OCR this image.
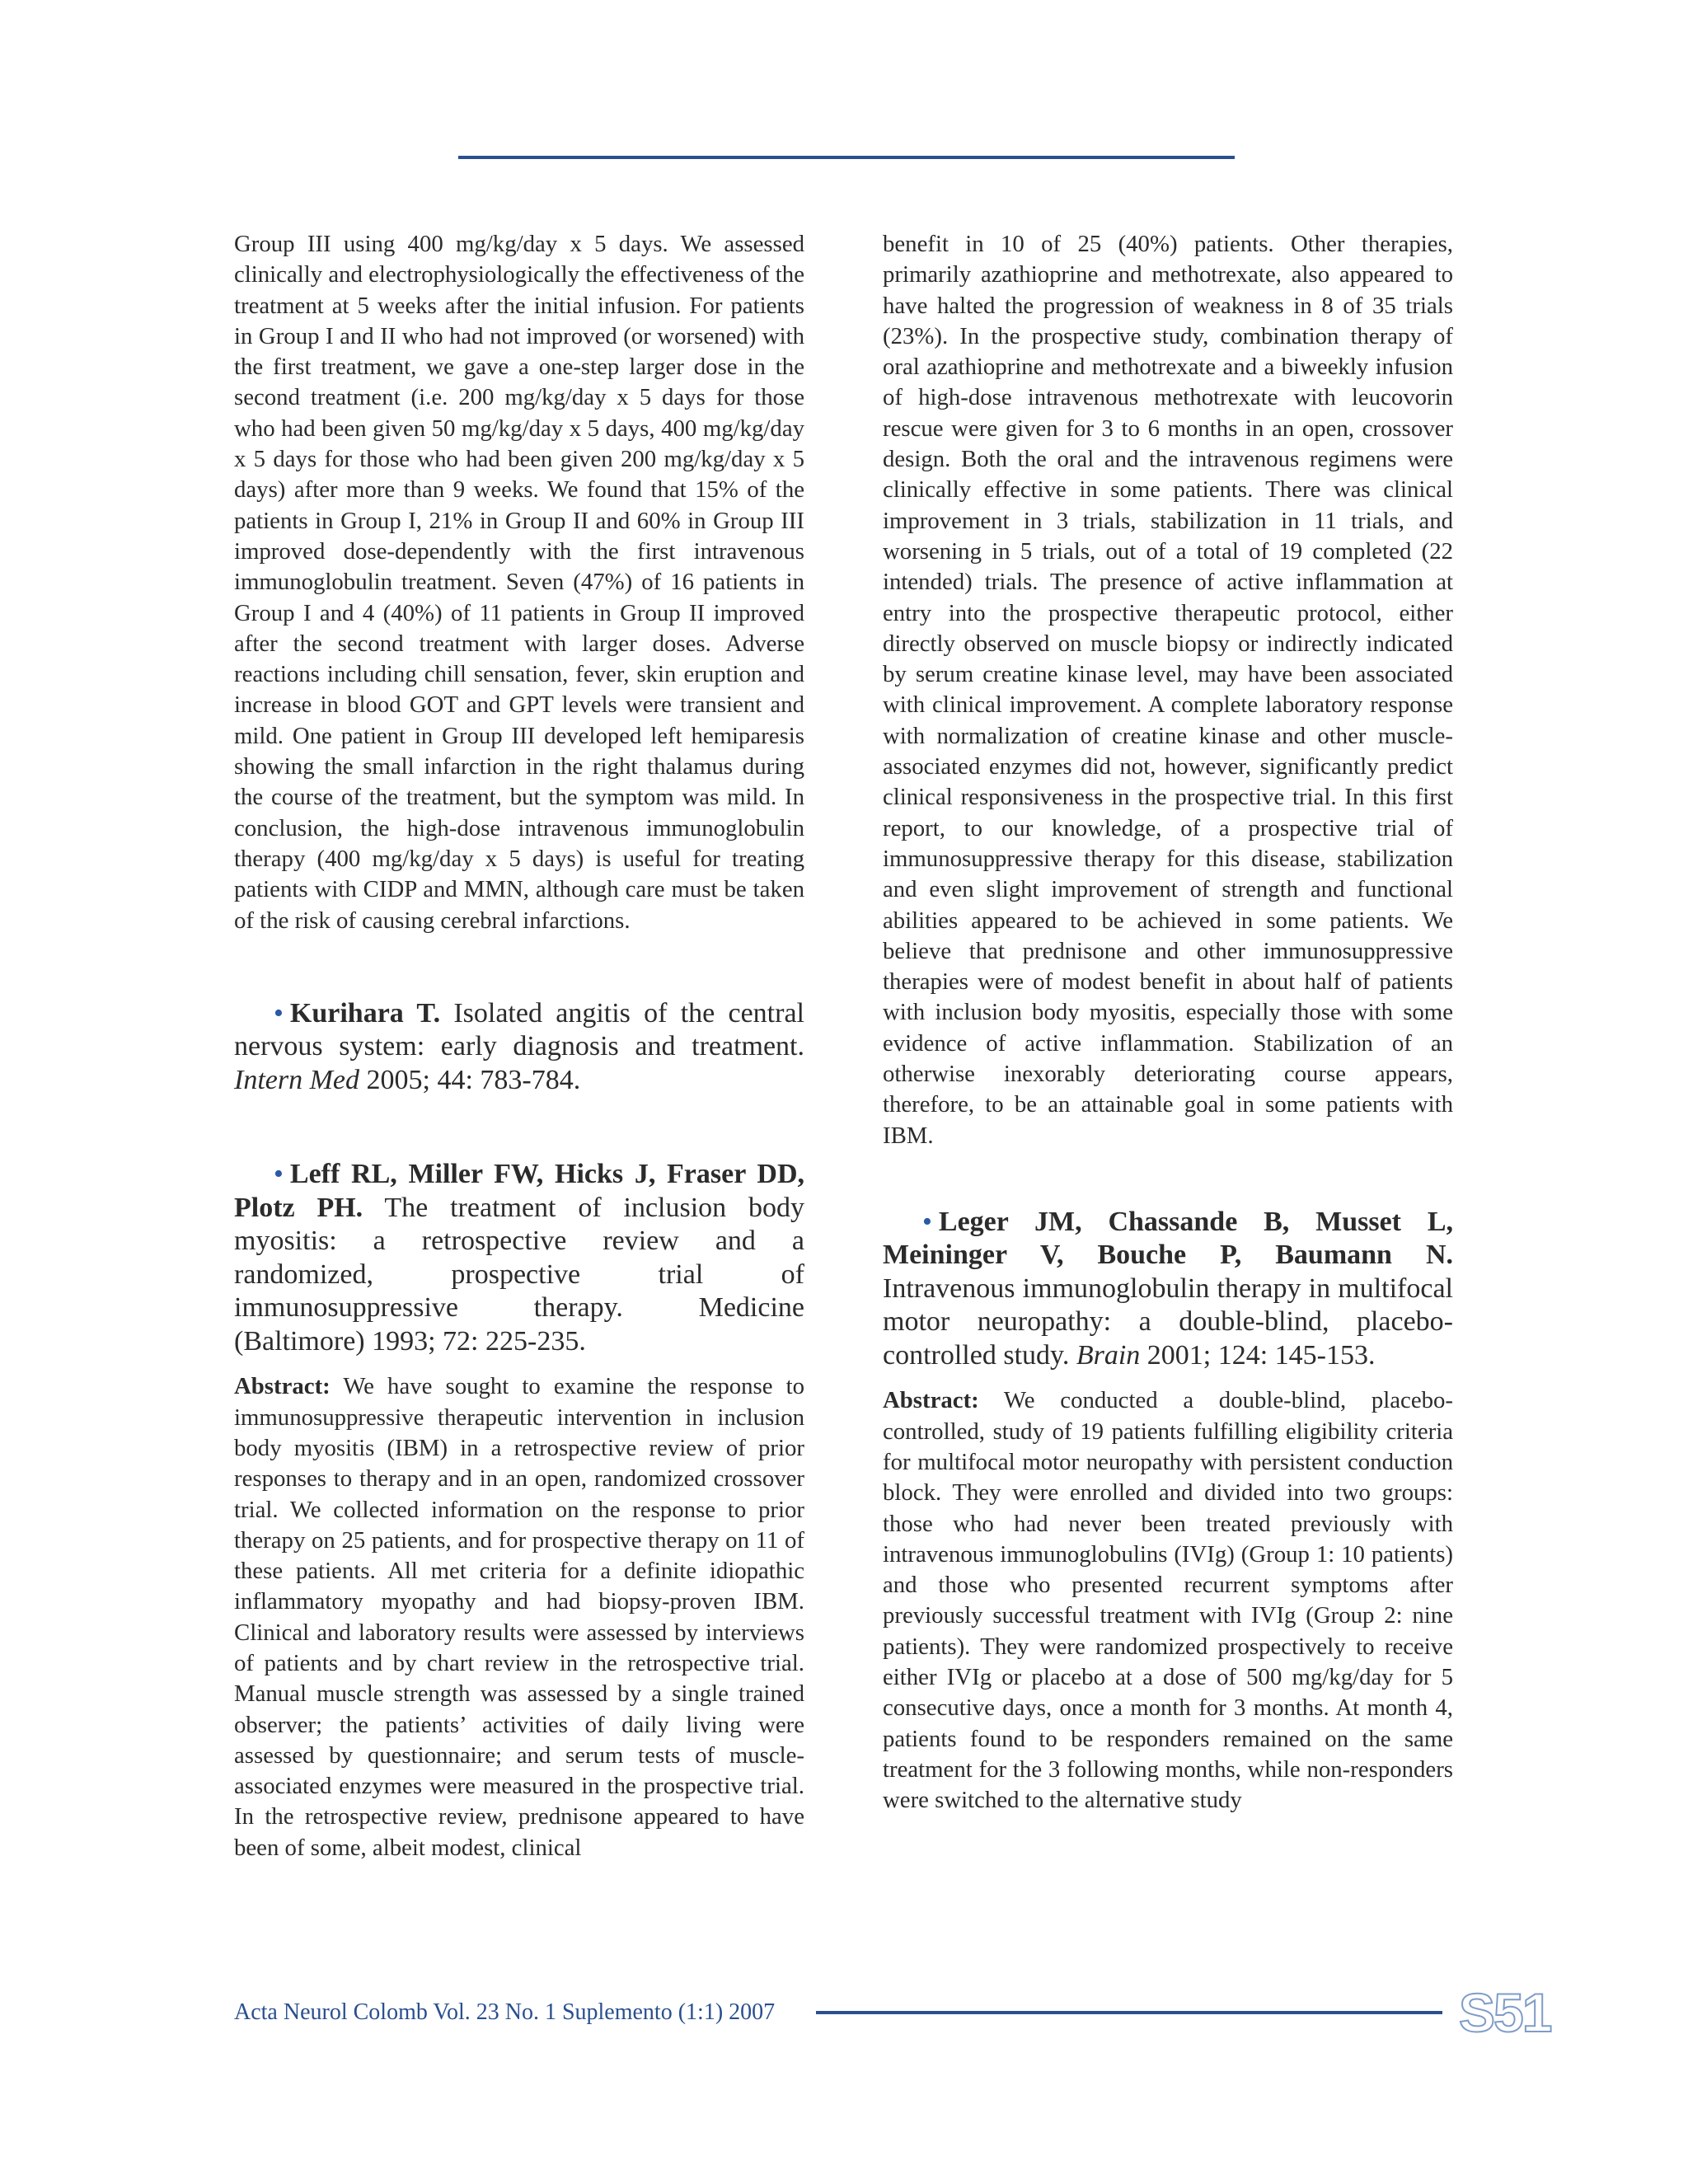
Group III using 400 mg/kg/day x 5 days. We assessed clinically and electrophysiologically the effectiveness of the treatment at 5 weeks after the initial infusion. For patients in Group I and II who had not improved (or worsened) with the first treatment, we gave a one-step larger dose in the second treatment (i.e. 200 mg/kg/day x 5 days for those who had been given 50 mg/kg/day x 5 days, 400 mg/kg/day x 5 days for those who had been given 200 mg/kg/day x 5 days) after more than 9 weeks. We found that 15% of the patients in Group I, 21% in Group II and 60% in Group III improved dose-dependently with the first intravenous immunoglobulin treatment. Seven (47%) of 16 patients in Group I and 4 (40%) of 11 patients in Group II improved after the second treatment with larger doses. Adverse reactions including chill sensation, fever, skin eruption and increase in blood GOT and GPT levels were transient and mild. One patient in Group III developed left hemiparesis showing the small infarction in the right thalamus during the course of the treatment, but the symptom was mild. In conclusion, the high-dose intravenous immunoglobulin therapy (400 mg/kg/day x 5 days) is useful for treating patients with CIDP and MMN, although care must be taken of the risk of causing cerebral infarctions.

• Kurihara T. Isolated angitis of the central nervous system: early diagnosis and treatment. Intern Med 2005; 44: 783-784.

• Leff RL, Miller FW, Hicks J, Fraser DD, Plotz PH. The treatment of inclusion body myositis: a retrospective review and a randomized, prospective trial of immunosuppressive therapy. Medicine (Baltimore) 1993; 72: 225-235.

Abstract: We have sought to examine the response to immunosuppressive therapeutic intervention in inclusion body myositis (IBM) in a retrospective review of prior responses to therapy and in an open, randomized crossover trial. We collected information on the response to prior therapy on 25 patients, and for prospective therapy on 11 of these patients. All met criteria for a definite idiopathic inflammatory myopathy and had biopsy-proven IBM. Clinical and laboratory results were assessed by interviews of patients and by chart review in the retrospective trial. Manual muscle strength was assessed by a single trained observer; the patients’ activities of daily living were assessed by questionnaire; and serum tests of muscle-associated enzymes were measured in the prospective trial. In the retrospective review, prednisone appeared to have been of some, albeit modest, clinical

benefit in 10 of 25 (40%) patients. Other therapies, primarily azathioprine and methotrexate, also appeared to have halted the progression of weakness in 8 of 35 trials (23%). In the prospective study, combination therapy of oral azathioprine and methotrexate and a biweekly infusion of high-dose intravenous methotrexate with leucovorin rescue were given for 3 to 6 months in an open, crossover design. Both the oral and the intravenous regimens were clinically effective in some patients. There was clinical improvement in 3 trials, stabilization in 11 trials, and worsening in 5 trials, out of a total of 19 completed (22 intended) trials. The presence of active inflammation at entry into the prospective therapeutic protocol, either directly observed on muscle biopsy or indirectly indicated by serum creatine kinase level, may have been associated with clinical improvement. A complete laboratory response with normalization of creatine kinase and other muscle-associated enzymes did not, however, significantly predict clinical responsiveness in the prospective trial. In this first report, to our knowledge, of a prospective trial of immunosuppressive therapy for this disease, stabilization and even slight improvement of strength and functional abilities appeared to be achieved in some patients. We believe that prednisone and other immunosuppressive therapies were of modest benefit in about half of patients with inclusion body myositis, especially those with some evidence of active inflammation. Stabilization of an otherwise inexorably deteriorating course appears, therefore, to be an attainable goal in some patients with IBM.

• Leger JM, Chassande B, Musset L, Meininger V, Bouche P, Baumann N. Intravenous immunoglobulin therapy in multifocal motor neuropathy: a double-blind, placebo-controlled study. Brain 2001; 124: 145-153.

Abstract: We conducted a double-blind, placebo-controlled, study of 19 patients fulfilling eligibility criteria for multifocal motor neuropathy with persistent conduction block. They were enrolled and divided into two groups: those who had never been treated previously with intravenous immunoglobulins (IVIg) (Group 1: 10 patients) and those who presented recurrent symptoms after previously successful treatment with IVIg (Group 2: nine patients). They were randomized prospectively to receive either IVIg or placebo at a dose of 500 mg/kg/day for 5 consecutive days, once a month for 3 months. At month 4, patients found to be responders remained on the same treatment for the 3 following months, while non-responders were switched to the alternative study

Acta Neurol Colomb Vol. 23 No. 1 Suplemento (1:1) 2007	S51
